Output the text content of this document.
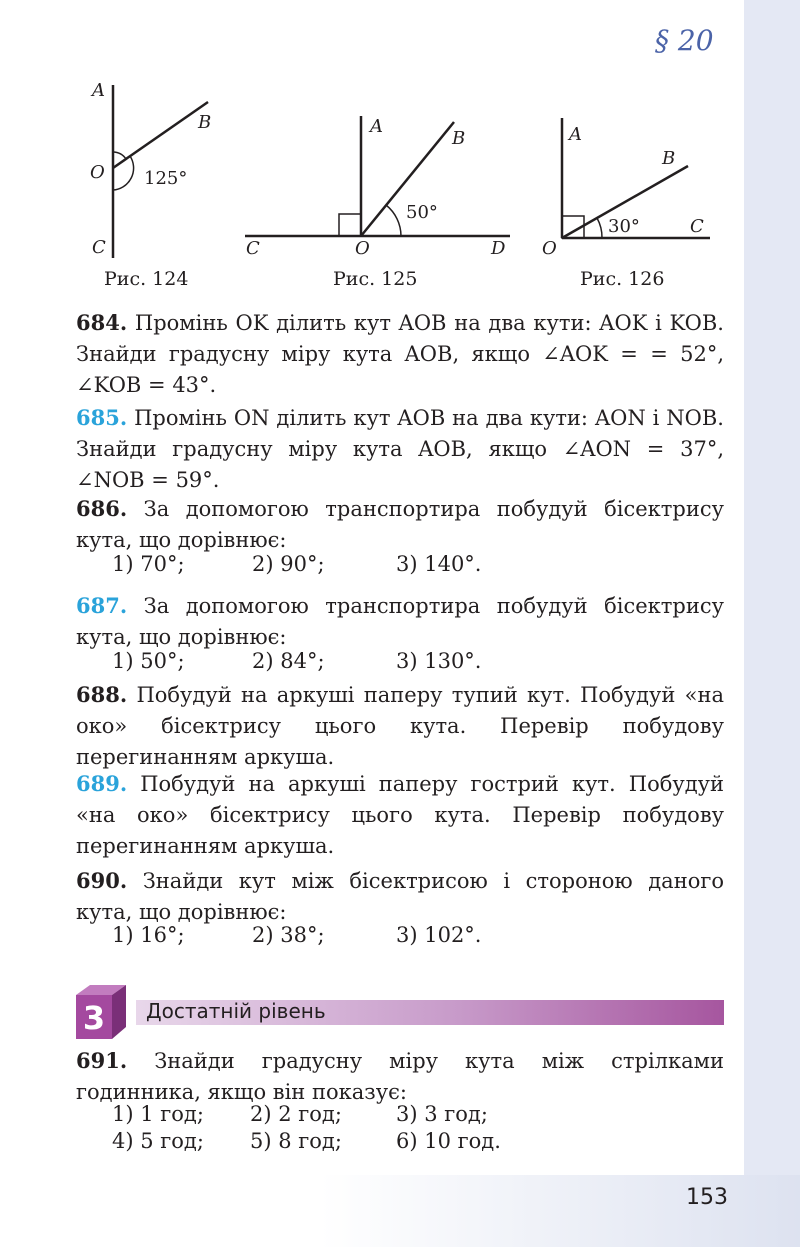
§ 20
A
B
O
C
125°
Рис. 124
A
B
O
C	D
50°
Рис. 125
A
B
O
C
30°
Рис. 126
684. Промінь OK ділить кут AOB на два кути: AOK і KOB. Знайди градусну міру кута AOB, якщо ∠AOK = = 52°, ∠KOB = 43°.
685. Промінь ON ділить кут AOB на два кути: AON і NOB. Знайди градусну міру кута AOB, якщо ∠AON = 37°, ∠NOB = 59°.
686. За допомогою транспортира побудуй бісектрису кута, що дорівнює:
1) 70°;	2) 90°;	3) 140°.
687. За допомогою транспортира побудуй бісектрису кута, що дорівнює:
1) 50°;	2) 84°;	3) 130°.
688. Побудуй на аркуші паперу тупий кут. Побудуй «на око» бісектрису цього кута. Перевір побудову перегинанням аркуша.
689. Побудуй на аркуші паперу гострий кут. Побудуй «на око» бісектрису цього кута. Перевір побудову перегинанням аркуша.
690. Знайди кут між бісектрисою і стороною даного кута, що дорівнює:
1) 16°;	2) 38°;	3) 102°.
3 Достатній рівень
691. Знайди градусну міру кута між стрілками годинника, якщо він показує:
1) 1 год; 2) 2 год;	3) 3 год;
4) 5 год; 5) 8 год;	6) 10 год.
153
